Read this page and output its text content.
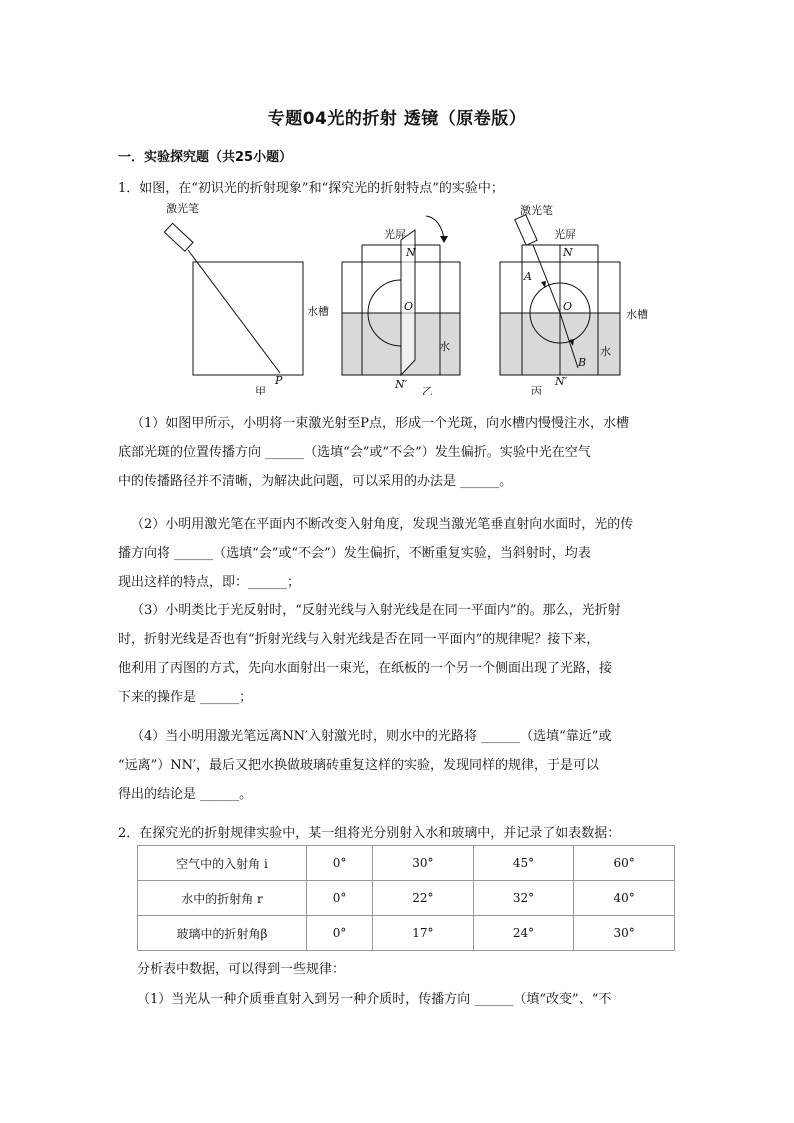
专题04光的折射 透镜（原卷版）
一．实验探究题（共25小题）
1．如图，在“初识光的折射现象”和“探究光的折射特点”的实验中；
激光笔
P
甲
光屏
N
O
水槽
水
N′
乙
激光笔
光屏
N
A
O
水槽
B
水
N′
丙

（1）如图甲所示，小明将一束激光射至P点，形成一个光斑，向水槽内慢慢注水，水槽

底部光斑的位置传播方向 ______（选填“会”或“不会”）发生偏折。实验中光在空气

中的传播路径并不清晰，为解决此问题，可以采用的办法是 ______。

（2）小明用激光笔在平面内不断改变入射角度，发现当激光笔垂直射向水面时，光的传

播方向将 ______（选填“会”或“不会”）发生偏折，不断重复实验，当斜射时，均表

现出这样的特点，即：______；

（3）小明类比于光反射时，“反射光线与入射光线是在同一平面内”的。那么，光折射

时，折射光线是否也有“折射光线与入射光线是否在同一平面内”的规律呢？接下来，

他利用了丙图的方式，先向水面射出一束光，在纸板的一个另一个侧面出现了光路，接

下来的操作是 ______；

（4）当小明用激光笔远离NN′入射激光时，则水中的光路将 ______（选填“靠近”或

“远离”）NN′，最后又把水换做玻璃砖重复这样的实验，发现同样的规律，于是可以

得出的结论是 ______。

2．在探究光的折射规律实验中，某一组将光分别射入水和玻璃中，并记录了如表数据：
空气中的入射角 i	0°	30°	45°	60°
水中的折射角 r	0°	22°	32°	40°
玻璃中的折射角β	0°	17°	24°	30°
分析表中数据，可以得到一些规律：
（1）当光从一种介质垂直射入到另一种介质时，传播方向 ______（填“改变”、“不
